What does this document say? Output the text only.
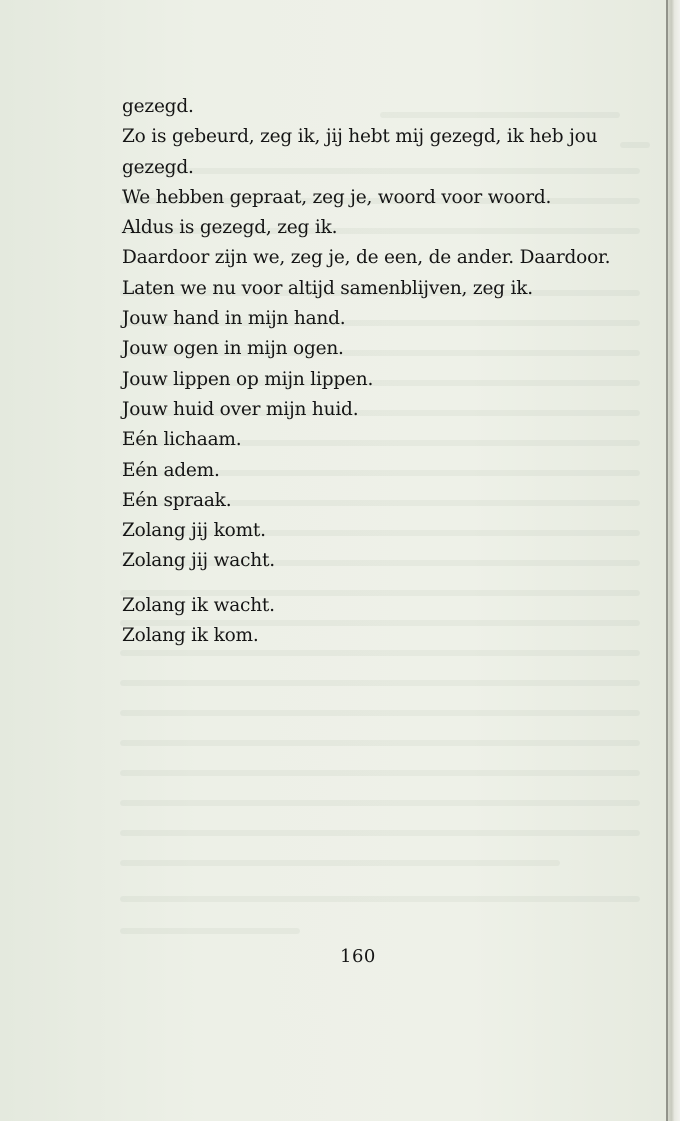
gezegd.
Zo is gebeurd, zeg ik, jij hebt mij gezegd, ik heb jou
gezegd.
We hebben gepraat, zeg je, woord voor woord.
Aldus is gezegd, zeg ik.
Daardoor zijn we, zeg je, de een, de ander. Daardoor.
Laten we nu voor altijd samenblijven, zeg ik.
Jouw hand in mijn hand.
Jouw ogen in mijn ogen.
Jouw lippen op mijn lippen.
Jouw huid over mijn huid.
Eén lichaam.
Eén adem.
Eén spraak.
Zolang jij komt.
Zolang jij wacht.
Zolang ik wacht.
Zolang ik kom.
160
